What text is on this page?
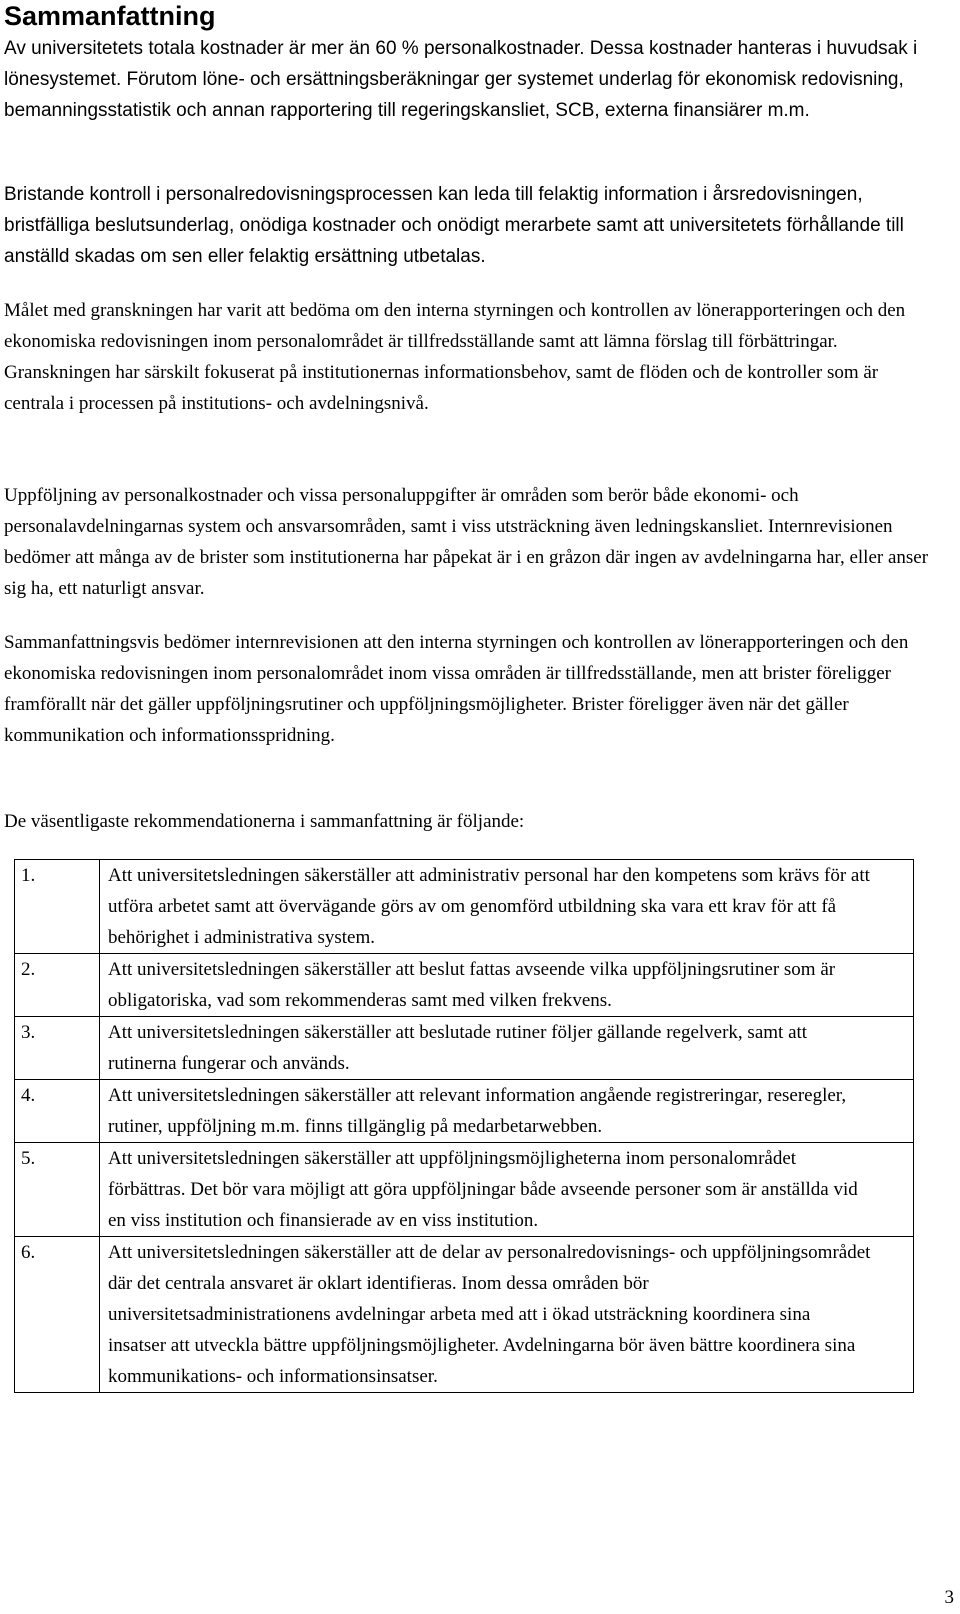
Sammanfattning

Av universitetets totala kostnader är mer än 60 % personalkostnader. Dessa kostnader hanteras i huvudsak i lönesystemet. Förutom löne- och ersättningsberäkningar ger systemet underlag för ekonomisk redovisning, bemanningsstatistik och annan rapportering till regeringskansliet, SCB, externa finansiärer m.m.

Bristande kontroll i personalredovisningsprocessen kan leda till felaktig information i årsredovisningen, bristfälliga beslutsunderlag, onödiga kostnader och onödigt merarbete samt att universitetets förhållande till anställd skadas om sen eller felaktig ersättning utbetalas.

Målet med granskningen har varit att bedöma om den interna styrningen och kontrollen av lönerapporteringen och den ekonomiska redovisningen inom personalområdet är tillfredsställande samt att lämna förslag till förbättringar. Granskningen har särskilt fokuserat på institutionernas informationsbehov, samt de flöden och de kontroller som är centrala i processen på institutions- och avdelningsnivå.

Uppföljning av personalkostnader och vissa personaluppgifter är områden som berör både ekonomi- och personalavdelningarnas system och ansvarsområden, samt i viss utsträckning även ledningskansliet. Internrevisionen bedömer att många av de brister som institutionerna har påpekat är i en gråzon där ingen av avdelningarna har, eller anser sig ha, ett naturligt ansvar.

Sammanfattningsvis bedömer internrevisionen att den interna styrningen och kontrollen av lönerapporteringen och den ekonomiska redovisningen inom personalområdet inom vissa områden är tillfredsställande, men att brister föreligger framförallt när det gäller uppföljningsrutiner och uppföljningsmöjligheter. Brister föreligger även när det gäller kommunikation och informationsspridning.

De väsentligaste rekommendationerna i sammanfattning är följande:

1.	Att universitetsledningen säkerställer att administrativ personal har den kompetens som krävs för att utföra arbetet samt att övervägande görs av om genomförd utbildning ska vara ett krav för att få behörighet i administrativa system.
2.	Att universitetsledningen säkerställer att beslut fattas avseende vilka uppföljningsrutiner som är obligatoriska, vad som rekommenderas samt med vilken frekvens.
3.	Att universitetsledningen säkerställer att beslutade rutiner följer gällande regelverk, samt att rutinerna fungerar och används.
4.	Att universitetsledningen säkerställer att relevant information angående registreringar, reseregler, rutiner, uppföljning m.m. finns tillgänglig på medarbetarwebben.
5.	Att universitetsledningen säkerställer att uppföljningsmöjligheterna inom personalområdet förbättras. Det bör vara möjligt att göra uppföljningar både avseende personer som är anställda vid en viss institution och finansierade av en viss institution.
6.	Att universitetsledningen säkerställer att de delar av personalredovisnings- och uppföljningsområdet där det centrala ansvaret är oklart identifieras. Inom dessa områden bör universitetsadministrationens avdelningar arbeta med att i ökad utsträckning koordinera sina insatser att utveckla bättre uppföljningsmöjligheter. Avdelningarna bör även bättre koordinera sina kommunikations- och informationsinsatser.
3
